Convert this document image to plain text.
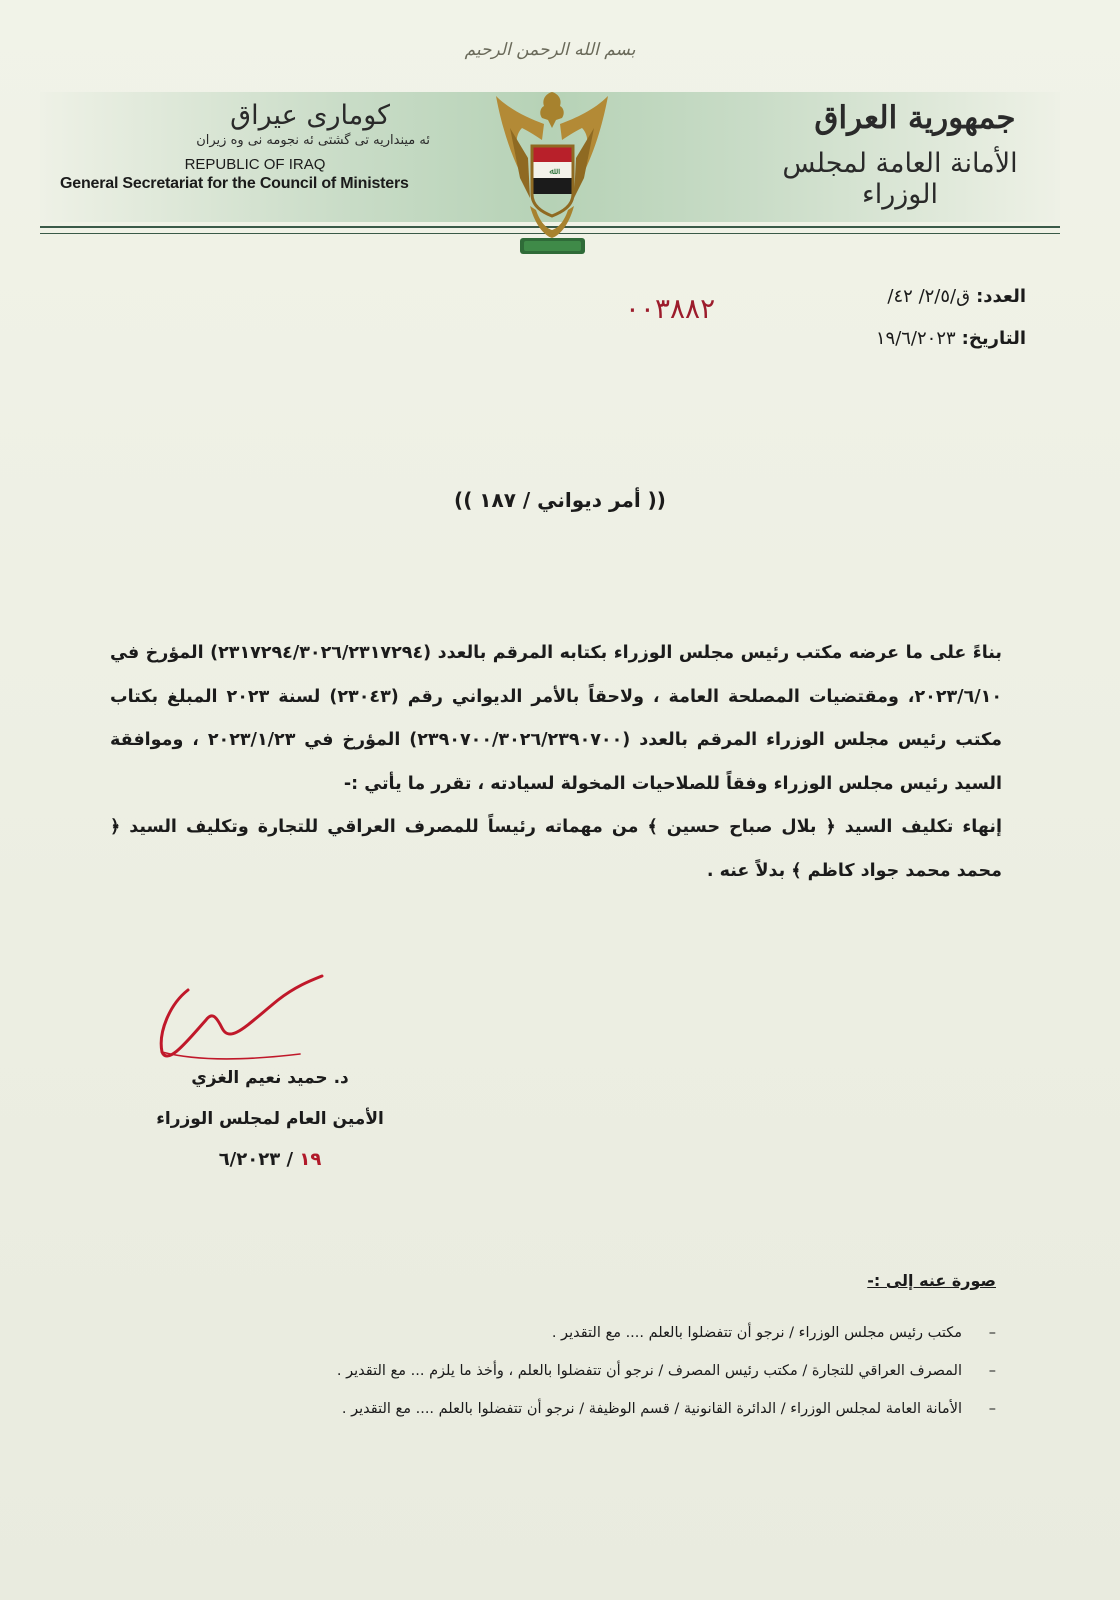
بسم الله الرحمن الرحيم
كوماری عیراق
ئه مینداریه تی گشتی ئه نجومه نی وه زیران
REPUBLIC OF IRAQ
General Secretariat for the Council of Ministers
ﷲ
جمهورية العراق
الأمانة العامة لمجلس الوزراء
العدد:ق/٢/٥/ ٤٢/
التاريخ:١٩/٦/٢٠٢٣
٠٠٣٨٨٢
(( أمر ديواني / ١٨٧ ))

بناءً على ما عرضه مكتب رئيس مجلس الوزراء بكتابه المرقم بالعدد (٢٣١٧٢٩٤/٣٠٢٦/٢٣١٧٢٩٤) المؤرخ في ٢٠٢٣/٦/١٠، ومقتضيات المصلحة العامة ، ولاحقاً بالأمر الديواني رقم (٢٣٠٤٣) لسنة ٢٠٢٣ المبلغ بكتاب مكتب رئيس مجلس الوزراء المرقم بالعدد (٢٣٩٠٧٠٠/٣٠٢٦/٢٣٩٠٧٠٠) المؤرخ في ٢٠٢٣/١/٢٣ ، وموافقة السيد رئيس مجلس الوزراء وفقاً للصلاحيات المخولة لسيادته ، تقرر ما يأتي :-

إنهاء تكليف السيد ﴿ بلال صباح حسين ﴾ من مهماته رئيساً للمصرف العراقي للتجارة وتكليف السيد ﴿ محمد محمد جواد كاظم ﴾ بدلاً عنه .

د. حميد نعيم الغزي
الأمين العام لمجلس الوزراء
١٩ / ٦/٢٠٢٣
صورة عنه إلى :-
– مكتب رئيس مجلس الوزراء / نرجو أن تتفضلوا بالعلم .... مع التقدير .
– المصرف العراقي للتجارة / مكتب رئيس المصرف / نرجو أن تتفضلوا بالعلم ، وأخذ ما يلزم ... مع التقدير .
– الأمانة العامة لمجلس الوزراء / الدائرة القانونية / قسم الوظيفة / نرجو أن تتفضلوا بالعلم .... مع التقدير .
